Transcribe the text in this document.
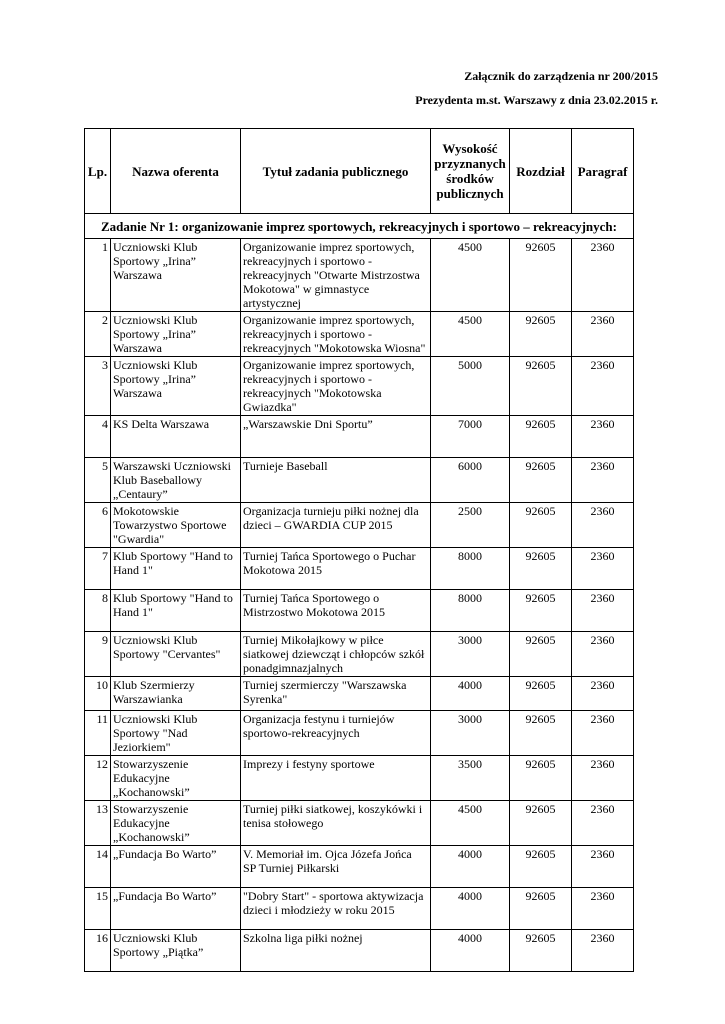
Załącznik do zarządzenia nr 200/2015
Prezydenta m.st. Warszawy z dnia 23.02.2015 r.
Lp.	Nazwa oferenta	Tytuł zadania publicznego	Wysokość przyznanych środków publicznych	Rozdział	Paragraf
Zadanie Nr 1: organizowanie imprez sportowych, rekreacyjnych i sportowo – rekreacyjnych:					
1	Uczniowski Klub Sportowy „Irina” Warszawa	Organizowanie imprez sportowych, rekreacyjnych i sportowo - rekreacyjnych "Otwarte Mistrzostwa Mokotowa" w gimnastyce artystycznej	4500	92605	2360
2	Uczniowski Klub Sportowy „Irina” Warszawa	Organizowanie imprez sportowych, rekreacyjnych i sportowo - rekreacyjnych "Mokotowska Wiosna"	4500	92605	2360
3	Uczniowski Klub Sportowy „Irina” Warszawa	Organizowanie imprez sportowych, rekreacyjnych i sportowo - rekreacyjnych "Mokotowska Gwiazdka"	5000	92605	2360
4	KS Delta Warszawa	„Warszawskie Dni Sportu”	7000	92605	2360
5	Warszawski Uczniowski Klub Baseballowy „Centaury”	Turnieje Baseball	6000	92605	2360
6	Mokotowskie Towarzystwo Sportowe "Gwardia"	Organizacja turnieju piłki nożnej dla dzieci – GWARDIA CUP 2015	2500	92605	2360
7	Klub Sportowy "Hand to Hand 1"	Turniej Tańca Sportowego o Puchar Mokotowa 2015	8000	92605	2360
8	Klub Sportowy "Hand to Hand 1"	Turniej Tańca Sportowego o Mistrzostwo Mokotowa 2015	8000	92605	2360
9	Uczniowski Klub Sportowy "Cervantes"	Turniej Mikołajkowy w piłce siatkowej dziewcząt i chłopców szkół ponadgimnazjalnych	3000	92605	2360
10	Klub Szermierzy Warszawianka	Turniej szermierczy "Warszawska Syrenka"	4000	92605	2360
11	Uczniowski Klub Sportowy "Nad Jeziorkiem"	Organizacja festynu i turniejów sportowo-rekreacyjnych	3000	92605	2360
12	Stowarzyszenie Edukacyjne „Kochanowski”	Imprezy i festyny sportowe	3500	92605	2360
13	Stowarzyszenie Edukacyjne „Kochanowski”	Turniej piłki siatkowej, koszykówki i tenisa stołowego	4500	92605	2360
14	„Fundacja Bo Warto”	V. Memoriał im. Ojca Józefa Jońca SP Turniej Piłkarski	4000	92605	2360
15	„Fundacja Bo Warto”	"Dobry Start" - sportowa aktywizacja dzieci i młodzieży w roku 2015	4000	92605	2360
16	Uczniowski Klub Sportowy „Piątka”	Szkolna liga piłki nożnej	4000	92605	2360
